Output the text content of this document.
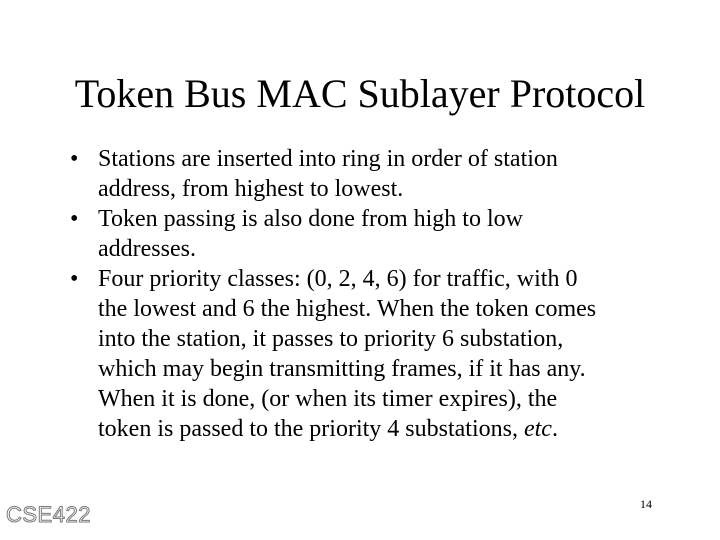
Token Bus MAC Sublayer Protocol
• Stations are inserted into ring in order of station
address, from highest to lowest.
• Token passing is also done from high to low
addresses.
• Four priority classes: (0, 2, 4, 6) for traffic, with 0
the lowest and 6 the highest. When the token comes
into the station, it passes to priority 6 substation,
which may begin transmitting frames, if it has any.
When it is done, (or when its timer expires), the
token is passed to the priority 4 substations, etc.
CSE422	14
